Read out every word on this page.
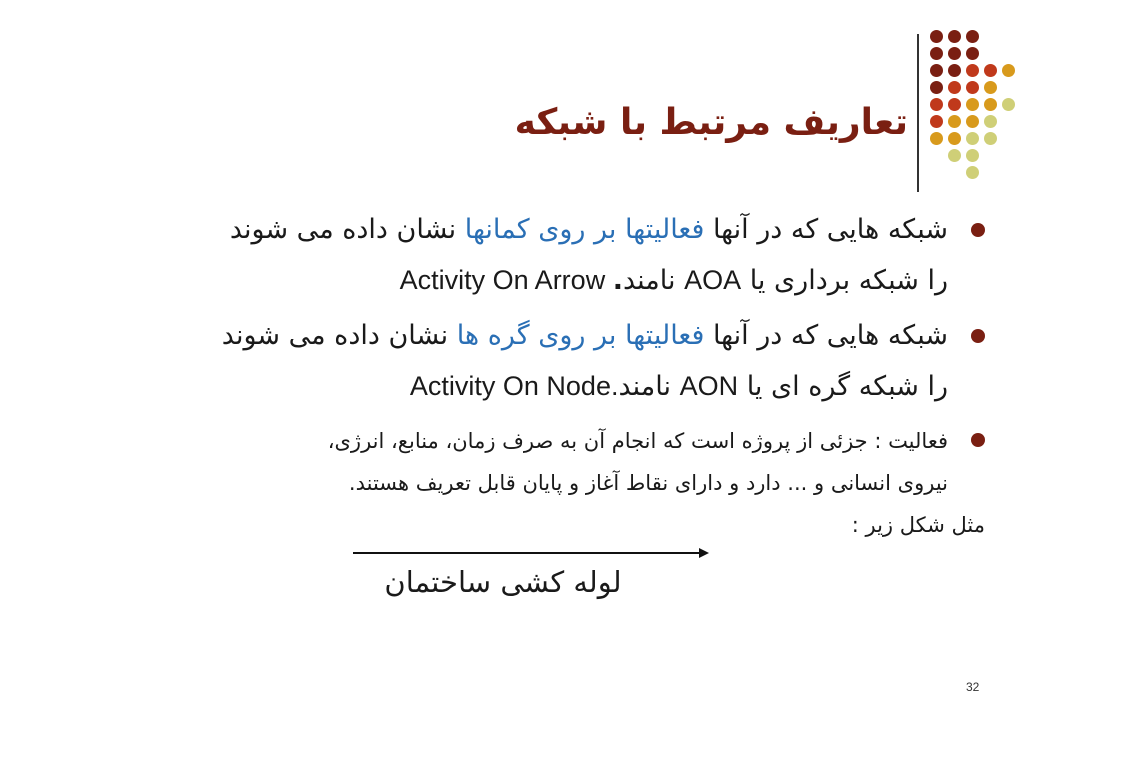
تعاریف مرتبط با شبکه
شبکه هایی که در آنها فعالیتها بر روی کمانها نشان داده می شوند
را شبکه برداری یا AOA نامند. Activity On Arrow
شبکه هایی که در آنها فعالیتها بر روی گره ها نشان داده می شوند
را شبکه گره ای یا AON نامند.Activity On Node
فعالیت : جزئی از پروژه است که انجام آن به صرف زمان، منابع، انرژی،
نیروی انسانی و ... دارد و دارای نقاط آغاز و پایان قابل تعریف هستند.
مثل شکل زیر :
لوله کشی ساختمان
32
